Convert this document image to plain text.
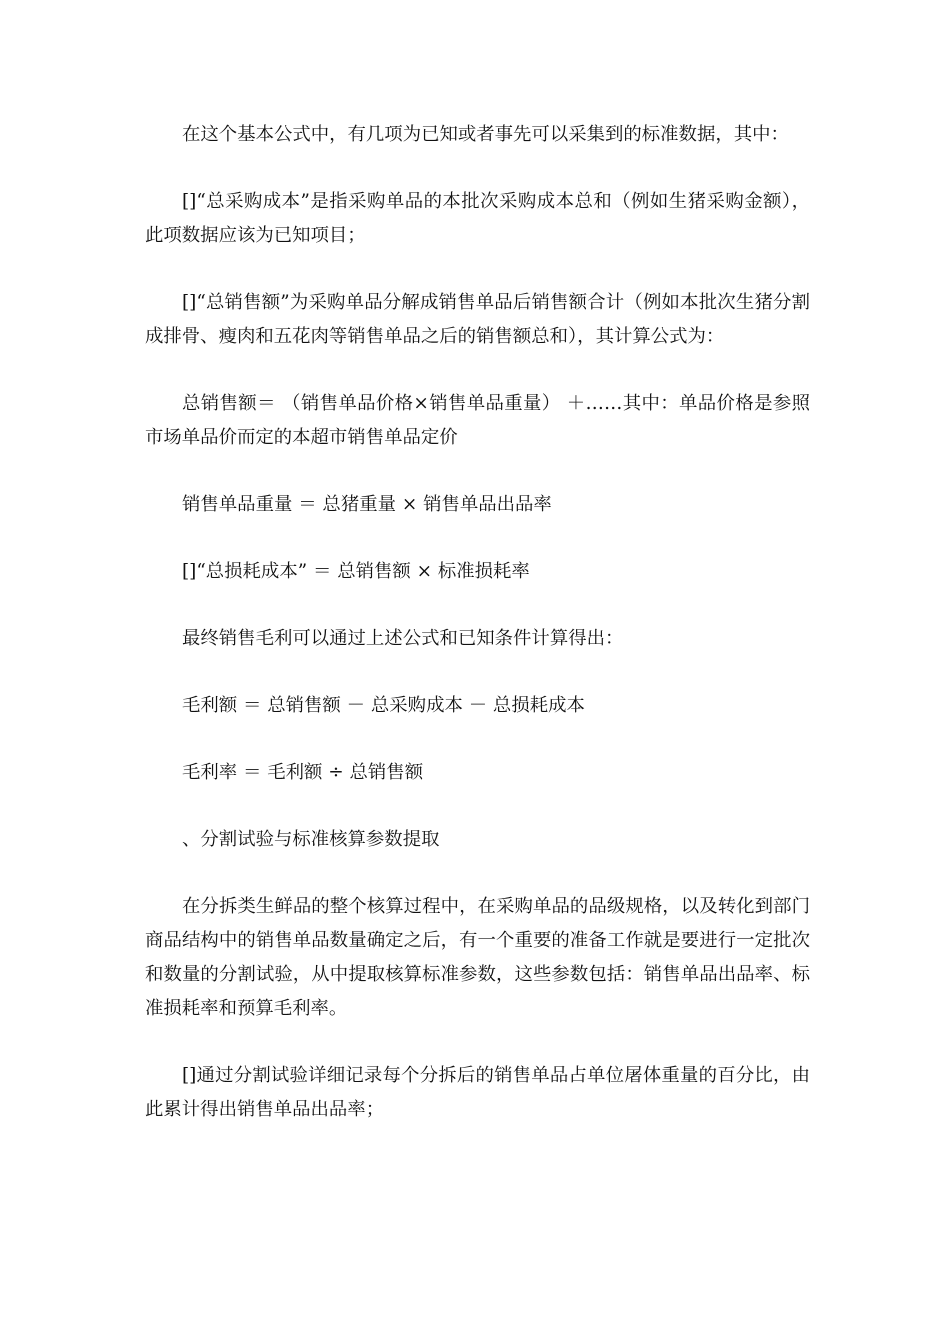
在这个基本公式中，有几项为已知或者事先可以采集到的标准数据，其中：

[]“总采购成本”是指采购单品的本批次采购成本总和（例如生猪采购金额），此项数据应该为已知项目；

[]“总销售额”为采购单品分解成销售单品后销售额合计（例如本批次生猪分割成排骨、瘦肉和五花肉等销售单品之后的销售额总和），其计算公式为：

总销售额＝ （销售单品价格×销售单品重量） ＋……其中：单品价格是参照市场单品价而定的本超市销售单品定价

销售单品重量 ＝ 总猪重量 × 销售单品出品率

[]“总损耗成本” ＝ 总销售额 × 标准损耗率

最终销售毛利可以通过上述公式和已知条件计算得出：

毛利额 ＝ 总销售额 － 总采购成本 － 总损耗成本

毛利率 ＝ 毛利额 ÷ 总销售额

、分割试验与标准核算参数提取

在分拆类生鲜品的整个核算过程中，在采购单品的品级规格，以及转化到部门商品结构中的销售单品数量确定之后，有一个重要的准备工作就是要进行一定批次和数量的分割试验，从中提取核算标准参数，这些参数包括：销售单品出品率、标准损耗率和预算毛利率。

[]通过分割试验详细记录每个分拆后的销售单品占单位屠体重量的百分比，由此累计得出销售单品出品率；
